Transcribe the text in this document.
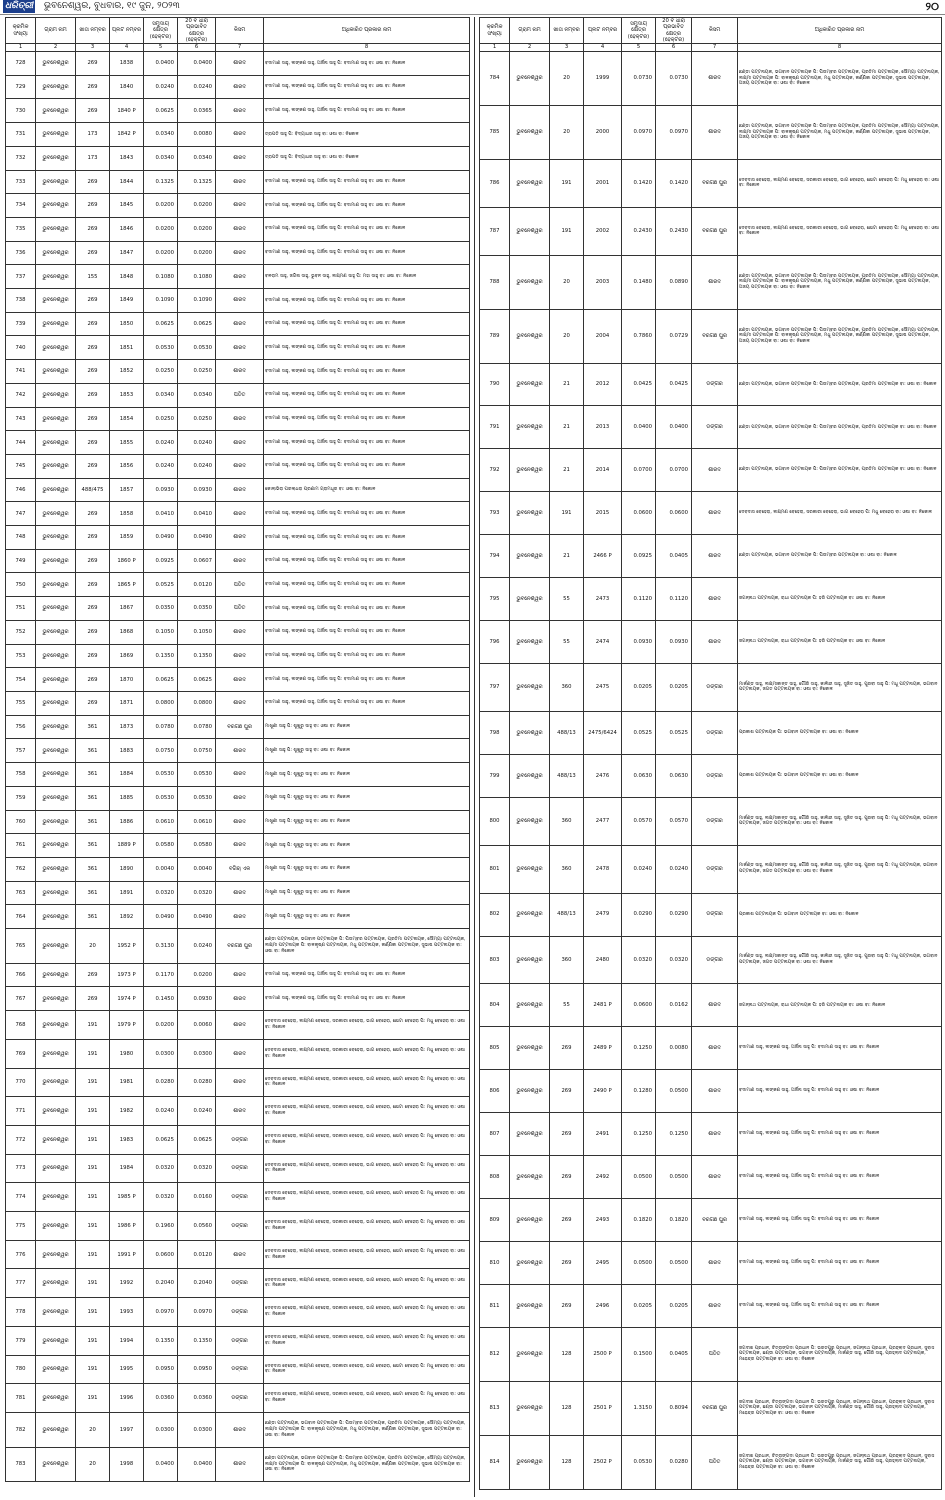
ଧରିତ୍ରୀ ଭୁବନେଶ୍ୱର, ବୁଧବାର, ୧୯ ଜୁନ, ୨୦୨୩	୨୦
କ୍ରମିକ ସଂଖ୍ୟା	ଗ୍ରାମ ନାମ	ଖାତା ନମ୍ବର	ପ୍ଲଟ ନମ୍ବର	ସମୁଦାୟ କ୍ଷେତ୍ର (ହେକ୍ଟର)	20 ବ ଧାରା ପ୍ରଭାବିତ କ୍ଷେତ୍ର (ହେକ୍ଟର)	କିସମ	ଅଧିକାରିତ ପ୍ରକାର ନାମ
1	2	3	4	5	6	7	8
728	ଭୁବନେଶ୍ୱର	269	1838	0.0400	0.0400	ଶାରଦ	ବଦାମାଣ ସାହୁ, ଲଙ୍କଣ ସାହୁ, ଅର୍ଜିନା ସାହୁ ପି: ବଦାମାଣ ସାହୁ ବା: ଓଷା ବା: ନିକୋଳ
729	ଭୁବନେଶ୍ୱର	269	1840	0.0240	0.0240	ଶାରଦ	ବଦାମାଣ ସାହୁ, ଲଙ୍କଣ ସାହୁ, ଅର୍ଜିନା ସାହୁ ପି: ବଦାମାଣ ସାହୁ ବା: ଓଷା ବା: ନିକୋଳ
730	ଭୁବନେଶ୍ୱର	269	1840 P	0.0625	0.0365	ଶାରଦ	ବଦାମାଣ ସାହୁ, ଲଙ୍କଣ ସାହୁ, ଅର୍ଜିନା ସାହୁ ପି: ବଦାମାଣ ସାହୁ ବା: ଓଷା ବା: ନିକୋଳ
731	ଭୁବନେଶ୍ୱର	173	1842 P	0.0340	0.0080	ଶାରଦ	ତ୍ରାପତି ସାହୁ ପି: ବିଦ୍ୟାଧର ସାହୁ ବା: ଓଷା ବା: ନିକୋଳ
732	ଭୁବନେଶ୍ୱର	173	1843	0.0340	0.0340	ଶାରଦ	ତ୍ରାପତି ସାହୁ ପି: ବିଦ୍ୟାଧର ସାହୁ ବା: ଓଷା ବା: ନିକୋଳ
733	ଭୁବନେଶ୍ୱର	269	1844	0.1325	0.1325	ଶାରଦ	ବଦାମାଣ ସାହୁ, ଲଙ୍କଣ ସାହୁ, ଅର୍ଜିନା ସାହୁ ପି: ବଦାମାଣ ସାହୁ ବା: ଓଷା ବା: ନିକୋଳ
734	ଭୁବନେଶ୍ୱର	269	1845	0.0200	0.0200	ଶାରଦ	ବଦାମାଣ ସାହୁ, ଲଙ୍କଣ ସାହୁ, ଅର୍ଜିନା ସାହୁ ପି: ବଦାମାଣ ସାହୁ ବା: ଓଷା ବା: ନିକୋଳ
735	ଭୁବନେଶ୍ୱର	269	1846	0.0200	0.0200	ଶାରଦ	ବଦାମାଣ ସାହୁ, ଲଙ୍କଣ ସାହୁ, ଅର୍ଜିନା ସାହୁ ପି: ବଦାମାଣ ସାହୁ ବା: ଓଷା ବା: ନିକୋଳ
736	ଭୁବନେଶ୍ୱର	269	1847	0.0200	0.0200	ଶାରଦ	ବଦାମାଣ ସାହୁ, ଲଙ୍କଣ ସାହୁ, ଅର୍ଜିନା ସାହୁ ପି: ବଦାମାଣ ସାହୁ ବା: ଓଷା ବା: ନିକୋଳ
737	ଭୁବନେଶ୍ୱର	155	1848	0.1080	0.1080	ଶାରଦ	ବଳରାମ ସାହୁ, ଜଗିନା ସାହୁ, ଭୁବନ ସାହୁ, ଲକ୍ଷ୍ମଣ ସାହୁ ପି: ମହା ସାହୁ ବା: ଓଷା ବା: ନିକୋଳ
738	ଭୁବନେଶ୍ୱର	269	1849	0.1090	0.1090	ଶାରଦ	ବଦାମାଣ ସାହୁ, ଲଙ୍କଣ ସାହୁ, ଅର୍ଜିନା ସାହୁ ପି: ବଦାମାଣ ସାହୁ ବା: ଓଷା ବା: ନିକୋଳ
739	ଭୁବନେଶ୍ୱର	269	1850	0.0625	0.0625	ଶାରଦ	ବଦାମାଣ ସାହୁ, ଲଙ୍କଣ ସାହୁ, ଅର୍ଜିନା ସାହୁ ପି: ବଦାମାଣ ସାହୁ ବା: ଓଷା ବା: ନିକୋଳ
740	ଭୁବନେଶ୍ୱର	269	1851	0.0530	0.0530	ଶାରଦ	ବଦାମାଣ ସାହୁ, ଲଙ୍କଣ ସାହୁ, ଅର୍ଜିନା ସାହୁ ପି: ବଦାମାଣ ସାହୁ ବା: ଓଷା ବା: ନିକୋଳ
741	ଭୁବନେଶ୍ୱର	269	1852	0.0250	0.0250	ଶାରଦ	ବଦାମାଣ ସାହୁ, ଲଙ୍କଣ ସାହୁ, ଅର୍ଜିନା ସାହୁ ପି: ବଦାମାଣ ସାହୁ ବା: ଓଷା ବା: ନିକୋଳ
742	ଭୁବନେଶ୍ୱର	269	1853	0.0340	0.0340	ପତିତ	ବଦାମାଣ ସାହୁ, ଲଙ୍କଣ ସାହୁ, ଅର୍ଜିନା ସାହୁ ପି: ବଦାମାଣ ସାହୁ ବା: ଓଷା ବା: ନିକୋଳ
743	ଭୁବନେଶ୍ୱର	269	1854	0.0250	0.0250	ଶାରଦ	ବଦାମାଣ ସାହୁ, ଲଙ୍କଣ ସାହୁ, ଅର୍ଜିନା ସାହୁ ପି: ବଦାମାଣ ସାହୁ ବା: ଓଷା ବା: ନିକୋଳ
744	ଭୁବନେଶ୍ୱର	269	1855	0.0240	0.0240	ଶାରଦ	ବଦାମାଣ ସାହୁ, ଲଙ୍କଣ ସାହୁ, ଅର୍ଜିନା ସାହୁ ପି: ବଦାମାଣ ସାହୁ ବା: ଓଷା ବା: ନିକୋଳ
745	ଭୁବନେଶ୍ୱର	269	1856	0.0240	0.0240	ଶାରଦ	ବଦାମାଣ ସାହୁ, ଲଙ୍କଣ ସାହୁ, ଅର୍ଜିନା ସାହୁ ପି: ବଦାମାଣ ସାହୁ ବା: ଓଷା ବା: ନିକୋଳ
746	ଭୁବନେଶ୍ୱର	488/475	1857	0.0930	0.0930	ଶାରଦ	କୋଲାଭିରା ପରଲାଧରା ପ୍ରଣାମ ଗ୍ରାମଧୂର ବା: ଓଷା ବା: ନିକୋଳ
747	ଭୁବନେଶ୍ୱର	269	1858	0.0410	0.0410	ଶାରଦ	ବଦାମାଣ ସାହୁ, ଲଙ୍କଣ ସାହୁ, ଅର୍ଜିନା ସାହୁ ପି: ବଦାମାଣ ସାହୁ ବା: ଓଷା ବା: ନିକୋଳ
748	ଭୁବନେଶ୍ୱର	269	1859	0.0490	0.0490	ଶାରଦ	ବଦାମାଣ ସାହୁ, ଲଙ୍କଣ ସାହୁ, ଅର୍ଜିନା ସାହୁ ପି: ବଦାମାଣ ସାହୁ ବା: ଓଷା ବା: ନିକୋଳ
749	ଭୁବନେଶ୍ୱର	269	1860 P	0.0925	0.0607	ଶାରଦ	ବଦାମାଣ ସାହୁ, ଲଙ୍କଣ ସାହୁ, ଅର୍ଜିନା ସାହୁ ପି: ବଦାମାଣ ସାହୁ ବା: ଓଷା ବା: ନିକୋଳ
750	ଭୁବନେଶ୍ୱର	269	1865 P	0.0525	0.0120	ପତିତ	ବଦାମାଣ ସାହୁ, ଲଙ୍କଣ ସାହୁ, ଅର୍ଜିନା ସାହୁ ପି: ବଦାମାଣ ସାହୁ ବା: ଓଷା ବା: ନିକୋଳ
751	ଭୁବନେଶ୍ୱର	269	1867	0.0350	0.0350	ପତିତ	ବଦାମାଣ ସାହୁ, ଲଙ୍କଣ ସାହୁ, ଅର୍ଜିନା ସାହୁ ପି: ବଦାମାଣ ସାହୁ ବା: ଓଷା ବା: ନିକୋଳ
752	ଭୁବନେଶ୍ୱର	269	1868	0.1050	0.1050	ଶାରଦ	ବଦାମାଣ ସାହୁ, ଲଙ୍କଣ ସାହୁ, ଅର୍ଜିନା ସାହୁ ପି: ବଦାମାଣ ସାହୁ ବା: ଓଷା ବା: ନିକୋଳ
753	ଭୁବନେଶ୍ୱର	269	1869	0.1350	0.1350	ଶାରଦ	ବଦାମାଣ ସାହୁ, ଲଙ୍କଣ ସାହୁ, ଅର୍ଜିନା ସାହୁ ପି: ବଦାମାଣ ସାହୁ ବା: ଓଷା ବା: ନିକୋଳ
754	ଭୁବନେଶ୍ୱର	269	1870	0.0625	0.0625	ଶାରଦ	ବଦାମାଣ ସାହୁ, ଲଙ୍କଣ ସାହୁ, ଅର୍ଜିନା ସାହୁ ପି: ବଦାମାଣ ସାହୁ ବା: ଓଷା ବା: ନିକୋଳ
755	ଭୁବନେଶ୍ୱର	269	1871	0.0800	0.0800	ଶାରଦ	ବଦାମାଣ ସାହୁ, ଲଙ୍କଣ ସାହୁ, ଅର୍ଜିନା ସାହୁ ପି: ବଦାମାଣ ସାହୁ ବା: ଓଷା ବା: ନିକୋଳ
756	ଭୁବନେଶ୍ୱର	361	1873	0.0780	0.0780	ବରଗଛ ଘୁର	ମାଖୁଣୀ ସାହୁ ପି: ଶୁଖୁରୁ ସାହୁ ବା: ଓଷା ବା: ନିକୋଳ
757	ଭୁବନେଶ୍ୱର	361	1883	0.0750	0.0750	ଶାରଦ	ମାଖୁଣୀ ସାହୁ ପି: ଶୁଖୁରୁ ସାହୁ ବା: ଓଷା ବା: ନିକୋଳ
758	ଭୁବନେଶ୍ୱର	361	1884	0.0530	0.0530	ଶାରଦ	ମାଖୁଣୀ ସାହୁ ପି: ଶୁଖୁରୁ ସାହୁ ବା: ଓଷା ବା: ନିକୋଳ
759	ଭୁବନେଶ୍ୱର	361	1885	0.0530	0.0530	ଶାରଦ	ମାଖୁଣୀ ସାହୁ ପି: ଶୁଖୁରୁ ସାହୁ ବା: ଓଷା ବା: ନିକୋଳ
760	ଭୁବନେଶ୍ୱର	361	1886	0.0610	0.0610	ଶାରଦ	ମାଖୁଣୀ ସାହୁ ପି: ଶୁଖୁରୁ ସାହୁ ବା: ଓଷା ବା: ନିକୋଳ
761	ଭୁବନେଶ୍ୱର	361	1889 P	0.0580	0.0580	ଶାରଦ	ମାଖୁଣୀ ସାହୁ ପି: ଶୁଖୁରୁ ସାହୁ ବା: ଓଷା ବା: ନିକୋଳ
762	ଭୁବନେଶ୍ୱର	361	1890	0.0040	0.0040	ବଗିଚା ଏକ	ମାଖୁଣୀ ସାହୁ ପି: ଶୁଖୁରୁ ସାହୁ ବା: ଓଷା ବା: ନିକୋଳ
763	ଭୁବନେଶ୍ୱର	361	1891	0.0320	0.0320	ଶାରଦ	ମାଖୁଣୀ ସାହୁ ପି: ଶୁଖୁରୁ ସାହୁ ବା: ଓଷା ବା: ନିକୋଳ
764	ଭୁବନେଶ୍ୱର	361	1892	0.0490	0.0490	ଶାରଦ	ମାଖୁଣୀ ସାହୁ ପି: ଶୁଖୁରୁ ସାହୁ ବା: ଓଷା ବା: ନିକୋଳ
765	ଭୁବନେଶ୍ୱର	20	1952 P	0.3130	0.0240	ବରଗଛ ଘୁର	ଛଣ୍ଡା ପଟ୍ଟନାୟକ, ଭଗବାନ ପଟ୍ଟନାୟକ ପି: ପିତାମ୍ବର ପଟ୍ଟନାୟକ, ପ୍ରତିମା ପଟ୍ଟନାୟକ, ସୌମ୍ୟା ପଟ୍ଟନାୟକ, ଲକ୍ଷ୍ମୀ ପଟ୍ଟନାୟକ ପି: ବାଳକୃଷ୍ଣ ପଟ୍ଟନାୟକ, ମଧୁ ପଟ୍ଟନାୟକ, କର୍ଣ୍ଣିକା ପଟ୍ଟନାୟକ, ସୁଭାଷ ପଟ୍ଟନାୟକ ବା: ଓଷା ବା: ନିକୋଳ
766	ଭୁବନେଶ୍ୱର	269	1973 P	0.1170	0.0200	ଶାରଦ	ବଦାମାଣ ସାହୁ, ଲଙ୍କଣ ସାହୁ, ଅର୍ଜିନା ସାହୁ ପି: ବଦାମାଣ ସାହୁ ବା: ଓଷା ବା: ନିକୋଳ
767	ଭୁବନେଶ୍ୱର	269	1974 P	0.1450	0.0930	ଶାରଦ	ବଦାମାଣ ସାହୁ, ଲଙ୍କଣ ସାହୁ, ଅର୍ଜିନା ସାହୁ ପି: ବଦାମାଣ ସାହୁ ବା: ଓଷା ବା: ନିକୋଳ
768	ଭୁବନେଶ୍ୱର	191	1979 P	0.0200	0.0060	ଶାରଦ	ଦେବଦାସ ବେହେରା, ଲକ୍ଷ୍ମଣ ବେହେରା, ସରକାରୀ ବେହେରା, ଭାଗ ବେହେରା, ଛୋଟା ବେହେରା ପି: ମଧୁ ବେହେରା ବା: ଓଷା ବା: ନିକୋଳ
769	ଭୁବନେଶ୍ୱର	191	1980	0.0300	0.0300	ଶାରଦ	ଦେବଦାସ ବେହେରା, ଲକ୍ଷ୍ମଣ ବେହେରା, ସରକାରୀ ବେହେରା, ଭାଗ ବେହେରା, ଛୋଟା ବେହେରା ପି: ମଧୁ ବେହେରା ବା: ଓଷା ବା: ନିକୋଳ
770	ଭୁବନେଶ୍ୱର	191	1981	0.0280	0.0280	ଶାରଦ	ଦେବଦାସ ବେହେରା, ଲକ୍ଷ୍ମଣ ବେହେରା, ସରକାରୀ ବେହେରା, ଭାଗ ବେହେରା, ଛୋଟା ବେହେରା ପି: ମଧୁ ବେହେରା ବା: ଓଷା ବା: ନିକୋଳ
771	ଭୁବନେଶ୍ୱର	191	1982	0.0240	0.0240	ଶାରଦ	ଦେବଦାସ ବେହେରା, ଲକ୍ଷ୍ମଣ ବେହେରା, ସରକାରୀ ବେହେରା, ଭାଗ ବେହେରା, ଛୋଟା ବେହେରା ପି: ମଧୁ ବେହେରା ବା: ଓଷା ବା: ନିକୋଳ
772	ଭୁବନେଶ୍ୱର	191	1983	0.0625	0.0625	ଡଙ୍ଗର	ଦେବଦାସ ବେହେରା, ଲକ୍ଷ୍ମଣ ବେହେରା, ସରକାରୀ ବେହେରା, ଭାଗ ବେହେରା, ଛୋଟା ବେହେରା ପି: ମଧୁ ବେହେରା ବା: ଓଷା ବା: ନିକୋଳ
773	ଭୁବନେଶ୍ୱର	191	1984	0.0320	0.0320	ଡଙ୍ଗର	ଦେବଦାସ ବେହେରା, ଲକ୍ଷ୍ମଣ ବେହେରା, ସରକାରୀ ବେହେରା, ଭାଗ ବେହେରା, ଛୋଟା ବେହେରା ପି: ମଧୁ ବେହେରା ବା: ଓଷା ବା: ନିକୋଳ
774	ଭୁବନେଶ୍ୱର	191	1985 P	0.0320	0.0160	ଡଙ୍ଗର	ଦେବଦାସ ବେହେରା, ଲକ୍ଷ୍ମଣ ବେହେରା, ସରକାରୀ ବେହେରା, ଭାଗ ବେହେରା, ଛୋଟା ବେହେରା ପି: ମଧୁ ବେହେରା ବା: ଓଷା ବା: ନିକୋଳ
775	ଭୁବନେଶ୍ୱର	191	1986 P	0.1960	0.0560	ଡଙ୍ଗର	ଦେବଦାସ ବେହେରା, ଲକ୍ଷ୍ମଣ ବେହେରା, ସରକାରୀ ବେହେରା, ଭାଗ ବେହେରା, ଛୋଟା ବେହେରା ପି: ମଧୁ ବେହେରା ବା: ଓଷା ବା: ନିକୋଳ
776	ଭୁବନେଶ୍ୱର	191	1991 P	0.0600	0.0120	ଶାରଦ	ଦେବଦାସ ବେହେରା, ଲକ୍ଷ୍ମଣ ବେହେରା, ସରକାରୀ ବେହେରା, ଭାଗ ବେହେରା, ଛୋଟା ବେହେରା ପି: ମଧୁ ବେହେରା ବା: ଓଷା ବା: ନିକୋଳ
777	ଭୁବନେଶ୍ୱର	191	1992	0.2040	0.2040	ଡଙ୍ଗର	ଦେବଦାସ ବେହେରା, ଲକ୍ଷ୍ମଣ ବେହେରା, ସରକାରୀ ବେହେରା, ଭାଗ ବେହେରା, ଛୋଟା ବେହେରା ପି: ମଧୁ ବେହେରା ବା: ଓଷା ବା: ନିକୋଳ
778	ଭୁବନେଶ୍ୱର	191	1993	0.0970	0.0970	ଡଙ୍ଗର	ଦେବଦାସ ବେହେରା, ଲକ୍ଷ୍ମଣ ବେହେରା, ସରକାରୀ ବେହେରା, ଭାଗ ବେହେରା, ଛୋଟା ବେହେରା ପି: ମଧୁ ବେହେରା ବା: ଓଷା ବା: ନିକୋଳ
779	ଭୁବନେଶ୍ୱର	191	1994	0.1350	0.1350	ଡଙ୍ଗର	ଦେବଦାସ ବେହେରା, ଲକ୍ଷ୍ମଣ ବେହେରା, ସରକାରୀ ବେହେରା, ଭାଗ ବେହେରା, ଛୋଟା ବେହେରା ପି: ମଧୁ ବେହେରା ବା: ଓଷା ବା: ନିକୋଳ
780	ଭୁବନେଶ୍ୱର	191	1995	0.0950	0.0950	ଡଙ୍ଗର	ଦେବଦାସ ବେହେରା, ଲକ୍ଷ୍ମଣ ବେହେରା, ସରକାରୀ ବେହେରା, ଭାଗ ବେହେରା, ଛୋଟା ବେହେରା ପି: ମଧୁ ବେହେରା ବା: ଓଷା ବା: ନିକୋଳ
781	ଭୁବନେଶ୍ୱର	191	1996	0.0360	0.0360	ଡଙ୍ଗର	ଦେବଦାସ ବେହେରା, ଲକ୍ଷ୍ମଣ ବେହେରା, ସରକାରୀ ବେହେରା, ଭାଗ ବେହେରା, ଛୋଟା ବେହେରା ପି: ମଧୁ ବେହେରା ବା: ଓଷା ବା: ନିକୋଳ
782	ଭୁବନେଶ୍ୱର	20	1997	0.0300	0.0300	ଶାରଦ	ଛଣ୍ଡା ପଟ୍ଟନାୟକ, ଭଗବାନ ପଟ୍ଟନାୟକ ପି: ପିତାମ୍ବର ପଟ୍ଟନାୟକ, ପ୍ରତିମା ପଟ୍ଟନାୟକ, ସୌମ୍ୟା ପଟ୍ଟନାୟକ, ଲକ୍ଷ୍ମୀ ପଟ୍ଟନାୟକ ପି: ବାଳକୃଷ୍ଣ ପଟ୍ଟନାୟକ, ମଧୁ ପଟ୍ଟନାୟକ, କର୍ଣ୍ଣିକା ପଟ୍ଟନାୟକ, ସୁଭାଷ ପଟ୍ଟନାୟକ ବା: ଓଷା ବା: ନିକୋଳ
783	ଭୁବନେଶ୍ୱର	20	1998	0.0400	0.0400	ଶାରଦ	ଛଣ୍ଡା ପଟ୍ଟନାୟକ, ଭଗବାନ ପଟ୍ଟନାୟକ ପି: ପିତାମ୍ବର ପଟ୍ଟନାୟକ, ପ୍ରତିମା ପଟ୍ଟନାୟକ, ସୌମ୍ୟା ପଟ୍ଟନାୟକ, ଲକ୍ଷ୍ମୀ ପଟ୍ଟନାୟକ ପି: ବାଳକୃଷ୍ଣ ପଟ୍ଟନାୟକ, ମଧୁ ପଟ୍ଟନାୟକ, କର୍ଣ୍ଣିକା ପଟ୍ଟନାୟକ, ସୁଭାଷ ପଟ୍ଟନାୟକ ବା: ଓଷା ବା: ନିକୋଳ
କ୍ରମିକ ସଂଖ୍ୟା	ଗ୍ରାମ ନାମ	ଖାତା ନମ୍ବର	ପ୍ଲଟ ନମ୍ବର	ସମୁଦାୟ କ୍ଷେତ୍ର (ହେକ୍ଟର)	20 ବ ଧାରା ପ୍ରଭାବିତ କ୍ଷେତ୍ର (ହେକ୍ଟର)	କିସମ	ଅଧିକାରିତ ପ୍ରକାର ନାମ
1	2	3	4	5	6	7	8
784	ଭୁବନେଶ୍ୱର	20	1999	0.0730	0.0730	ଶାରଦ	ଛଣ୍ଡା ପଟ୍ଟନାୟକ, ଭଗବାନ ପଟ୍ଟନାୟକ ପି: ପିତାମ୍ବର ପଟ୍ଟନାୟକ, ପ୍ରତିମା ପଟ୍ଟନାୟକ, ସୌମ୍ୟା ପଟ୍ଟନାୟକ, ଲକ୍ଷ୍ମୀ ପଟ୍ଟନାୟକ ପି: ବାଳକୃଷ୍ଣ ପଟ୍ଟନାୟକ, ମଧୁ ପଟ୍ଟନାୟକ, କର୍ଣ୍ଣିକା ପଟ୍ଟନାୟକ, ସୁଭାଷ ପଟ୍ଟନାୟକ, ଅଜୟ ପଟ୍ଟନାୟକ ବା: ଓଷା ବା: ନିକୋଳ
785	ଭୁବନେଶ୍ୱର	20	2000	0.0970	0.0970	ଶାରଦ	ଛଣ୍ଡା ପଟ୍ଟନାୟକ, ଭଗବାନ ପଟ୍ଟନାୟକ ପି: ପିତାମ୍ବର ପଟ୍ଟନାୟକ, ପ୍ରତିମା ପଟ୍ଟନାୟକ, ସୌମ୍ୟା ପଟ୍ଟନାୟକ, ଲକ୍ଷ୍ମୀ ପଟ୍ଟନାୟକ ପି: ବାଳକୃଷ୍ଣ ପଟ୍ଟନାୟକ, ମଧୁ ପଟ୍ଟନାୟକ, କର୍ଣ୍ଣିକା ପଟ୍ଟନାୟକ, ସୁଭାଷ ପଟ୍ଟନାୟକ, ଅଜୟ ପଟ୍ଟନାୟକ ବା: ଓଷା ବା: ନିକୋଳ
786	ଭୁବନେଶ୍ୱର	191	2001	0.1420	0.1420	ବରଗଛ ଘୁର	ଦେବଦାସ ବେହେରା, ଲକ୍ଷ୍ମଣ ବେହେରା, ସରକାରୀ ବେହେରା, ଭାଗ ବେହେରା, ଛୋଟା ବେହେରା ପି: ମଧୁ ବେହେରା ବା: ଓଷା ବା: ନିକୋଳ
787	ଭୁବନେଶ୍ୱର	191	2002	0.2430	0.2430	ବରଗଛ ଘୁର	ଦେବଦାସ ବେହେରା, ଲକ୍ଷ୍ମଣ ବେହେରା, ସରକାରୀ ବେହେରା, ଭାଗ ବେହେରା, ଛୋଟା ବେହେରା ପି: ମଧୁ ବେହେରା ବା: ଓଷା ବା: ନିକୋଳ
788	ଭୁବନେଶ୍ୱର	20	2003	0.1480	0.0890	ଶାରଦ	ଛଣ୍ଡା ପଟ୍ଟନାୟକ, ଭଗବାନ ପଟ୍ଟନାୟକ ପି: ପିତାମ୍ବର ପଟ୍ଟନାୟକ, ପ୍ରତିମା ପଟ୍ଟନାୟକ, ସୌମ୍ୟା ପଟ୍ଟନାୟକ, ଲକ୍ଷ୍ମୀ ପଟ୍ଟନାୟକ ପି: ବାଳକୃଷ୍ଣ ପଟ୍ଟନାୟକ, ମଧୁ ପଟ୍ଟନାୟକ, କର୍ଣ୍ଣିକା ପଟ୍ଟନାୟକ, ସୁଭାଷ ପଟ୍ଟନାୟକ, ଅଜୟ ପଟ୍ଟନାୟକ ବା: ଓଷା ବା: ନିକୋଳ
789	ଭୁବନେଶ୍ୱର	20	2004	0.7860	0.0729	ବରଗଛ ଘୁର	ଛଣ୍ଡା ପଟ୍ଟନାୟକ, ଭଗବାନ ପଟ୍ଟନାୟକ ପି: ପିତାମ୍ବର ପଟ୍ଟନାୟକ, ପ୍ରତିମା ପଟ୍ଟନାୟକ, ସୌମ୍ୟା ପଟ୍ଟନାୟକ, ଲକ୍ଷ୍ମୀ ପଟ୍ଟନାୟକ ପି: ବାଳକୃଷ୍ଣ ପଟ୍ଟନାୟକ, ମଧୁ ପଟ୍ଟନାୟକ, କର୍ଣ୍ଣିକା ପଟ୍ଟନାୟକ, ସୁଭାଷ ପଟ୍ଟନାୟକ, ଅଜୟ ପଟ୍ଟନାୟକ ବା: ଓଷା ବା: ନିକୋଳ
790	ଭୁବନେଶ୍ୱର	21	2012	0.0425	0.0425	ଡଙ୍ଗର	ଛଣ୍ଡା ପଟ୍ଟନାୟକ, ଭଗବାନ ପଟ୍ଟନାୟକ ପି: ପିତାମ୍ବର ପଟ୍ଟନାୟକ, ପ୍ରତିମା ପଟ୍ଟନାୟକ ବା: ଓଷା ବା: ନିକୋଳ
791	ଭୁବନେଶ୍ୱର	21	2013	0.0400	0.0400	ଡଙ୍ଗର	ଛଣ୍ଡା ପଟ୍ଟନାୟକ, ଭଗବାନ ପଟ୍ଟନାୟକ ପି: ପିତାମ୍ବର ପଟ୍ଟନାୟକ, ପ୍ରତିମା ପଟ୍ଟନାୟକ ବା: ଓଷା ବା: ନିକୋଳ
792	ଭୁବନେଶ୍ୱର	21	2014	0.0700	0.0700	ଶାରଦ	ଛଣ୍ଡା ପଟ୍ଟନାୟକ, ଭଗବାନ ପଟ୍ଟନାୟକ ପି: ପିତାମ୍ବର ପଟ୍ଟନାୟକ, ପ୍ରତିମା ପଟ୍ଟନାୟକ ବା: ଓଷା ବା: ନିକୋଳ
793	ଭୁବନେଶ୍ୱର	191	2015	0.0600	0.0600	ଶାରଦ	ଦେବଦାସ ବେହେରା, ଲକ୍ଷ୍ମଣ ବେହେରା, ସରକାରୀ ବେହେରା, ଭାଗ ବେହେରା ପି: ମଧୁ ବେହେରା ବା: ଓଷା ବା: ନିକୋଳ
794	ଭୁବନେଶ୍ୱର	21	2466 P	0.0925	0.0405	ଶାରଦ	ଛଣ୍ଡା ପଟ୍ଟନାୟକ, ଭଗବାନ ପଟ୍ଟନାୟକ ପି: ପିତାମ୍ବର ପଟ୍ଟନାୟକ ବା: ଓଷା ବା: ନିକୋଳ
795	ଭୁବନେଶ୍ୱର	55	2473	0.1120	0.1120	ଶାରଦ	ଜଗନ୍ନାଥ ପଟ୍ଟନାୟକ, ରାଧା ପଟ୍ଟନାୟକ ପି: ହରି ପଟ୍ଟନାୟକ ବା: ଓଷା ବା: ନିକୋଳ
796	ଭୁବନେଶ୍ୱର	55	2474	0.0930	0.0930	ଶାରଦ	ଜଗନ୍ନାଥ ପଟ୍ଟନାୟକ, ରାଧା ପଟ୍ଟନାୟକ ପି: ହରି ପଟ୍ଟନାୟକ ବା: ଓଷା ବା: ନିକୋଳ
797	ଭୁବନେଶ୍ୱର	360	2475	0.0205	0.0205	ଡଙ୍ଗର	ମାର୍କଣ୍ଡ ସାହୁ, ଲକ୍ଷ୍ମୀକାନ୍ତ ସାହୁ, ଗୌରି ସାହୁ, କାଳିନ୍ଦୀ ସାହୁ, ସୁଜିତ ସାହୁ, ପୁରବୀ ସାହୁ ପି: ମଧୁ ପଟ୍ଟନାୟକ, ଭଗବାନ ପଟ୍ଟନାୟକ, ଜଗତ ପଟ୍ଟନାୟକ ବା: ଓଷା ବା: ନିକୋଳ
798	ଭୁବନେଶ୍ୱର	488/13	2475/6424	0.0525	0.0525	ଡଙ୍ଗର	ପ୍ରକାଶ ପଟ୍ଟନାୟକ ପି: ଭଗବାନ ପଟ୍ଟନାୟକ ବା: ଓଷା ବା: ନିକୋଳ
799	ଭୁବନେଶ୍ୱର	488/13	2476	0.0630	0.0630	ଡଙ୍ଗର	ପ୍ରକାଶ ପଟ୍ଟନାୟକ ପି: ଭଗବାନ ପଟ୍ଟନାୟକ ବା: ଓଷା ବା: ନିକୋଳ
800	ଭୁବନେଶ୍ୱର	360	2477	0.0570	0.0570	ଡଙ୍ଗର	ମାର୍କଣ୍ଡ ସାହୁ, ଲକ୍ଷ୍ମୀକାନ୍ତ ସାହୁ, ଗୌରି ସାହୁ, କାଳିନ୍ଦୀ ସାହୁ, ସୁଜିତ ସାହୁ, ପୁରବୀ ସାହୁ ପି: ମଧୁ ପଟ୍ଟନାୟକ, ଭଗବାନ ପଟ୍ଟନାୟକ, ଜଗତ ପଟ୍ଟନାୟକ ବା: ଓଷା ବା: ନିକୋଳ
801	ଭୁବନେଶ୍ୱର	360	2478	0.0240	0.0240	ଡଙ୍ଗର	ମାର୍କଣ୍ଡ ସାହୁ, ଲକ୍ଷ୍ମୀକାନ୍ତ ସାହୁ, ଗୌରି ସାହୁ, କାଳିନ୍ଦୀ ସାହୁ, ସୁଜିତ ସାହୁ, ପୁରବୀ ସାହୁ ପି: ମଧୁ ପଟ୍ଟନାୟକ, ଭଗବାନ ପଟ୍ଟନାୟକ, ଜଗତ ପଟ୍ଟନାୟକ ବା: ଓଷା ବା: ନିକୋଳ
802	ଭୁବନେଶ୍ୱର	488/13	2479	0.0290	0.0290	ଡଙ୍ଗର	ପ୍ରକାଶ ପଟ୍ଟନାୟକ ପି: ଭଗବାନ ପଟ୍ଟନାୟକ ବା: ଓଷା ବା: ନିକୋଳ
803	ଭୁବନେଶ୍ୱର	360	2480	0.0320	0.0320	ଡଙ୍ଗର	ମାର୍କଣ୍ଡ ସାହୁ, ଲକ୍ଷ୍ମୀକାନ୍ତ ସାହୁ, ଗୌରି ସାହୁ, କାଳିନ୍ଦୀ ସାହୁ, ସୁଜିତ ସାହୁ, ପୁରବୀ ସାହୁ ପି: ମଧୁ ପଟ୍ଟନାୟକ, ଭଗବାନ ପଟ୍ଟନାୟକ, ଜଗତ ପଟ୍ଟନାୟକ ବା: ଓଷା ବା: ନିକୋଳ
804	ଭୁବନେଶ୍ୱର	55	2481 P	0.0600	0.0162	ଶାରଦ	ଜଗନ୍ନାଥ ପଟ୍ଟନାୟକ, ରାଧା ପଟ୍ଟନାୟକ ପି: ହରି ପଟ୍ଟନାୟକ ବା: ଓଷା ବା: ନିକୋଳ
805	ଭୁବନେଶ୍ୱର	269	2489 P	0.1250	0.0080	ଶାରଦ	ବଦାମାଣ ସାହୁ, ଲଙ୍କଣ ସାହୁ, ଅର୍ଜିନା ସାହୁ ପି: ବଦାମାଣ ସାହୁ ବା: ଓଷା ବା: ନିକୋଳ
806	ଭୁବନେଶ୍ୱର	269	2490 P	0.1280	0.0500	ଶାରଦ	ବଦାମାଣ ସାହୁ, ଲଙ୍କଣ ସାହୁ, ଅର୍ଜିନା ସାହୁ ପି: ବଦାମାଣ ସାହୁ ବା: ଓଷା ବା: ନିକୋଳ
807	ଭୁବନେଶ୍ୱର	269	2491	0.1250	0.1250	ଶାରଦ	ବଦାମାଣ ସାହୁ, ଲଙ୍କଣ ସାହୁ, ଅର୍ଜିନା ସାହୁ ପି: ବଦାମାଣ ସାହୁ ବା: ଓଷା ବା: ନିକୋଳ
808	ଭୁବନେଶ୍ୱର	269	2492	0.0500	0.0500	ଶାରଦ	ବଦାମାଣ ସାହୁ, ଲଙ୍କଣ ସାହୁ, ଅର୍ଜିନା ସାହୁ ପି: ବଦାମାଣ ସାହୁ ବା: ଓଷା ବା: ନିକୋଳ
809	ଭୁବନେଶ୍ୱର	269	2493	0.1820	0.1820	ବରଗଛ ଘୁର	ବଦାମାଣ ସାହୁ, ଲଙ୍କଣ ସାହୁ, ଅର୍ଜିନା ସାହୁ ପି: ବଦାମାଣ ସାହୁ ବା: ଓଷା ବା: ନିକୋଳ
810	ଭୁବନେଶ୍ୱର	269	2495	0.0500	0.0500	ଶାରଦ	ବଦାମାଣ ସାହୁ, ଲଙ୍କଣ ସାହୁ, ଅର୍ଜିନା ସାହୁ ପି: ବଦାମାଣ ସାହୁ ବା: ଓଷା ବା: ନିକୋଳ
811	ଭୁବନେଶ୍ୱର	269	2496	0.0205	0.0205	ଶାରଦ	ବଦାମାଣ ସାହୁ, ଲଙ୍କଣ ସାହୁ, ଅର୍ଜିନା ସାହୁ ପି: ବଦାମାଣ ସାହୁ ବା: ଓଷା ବା: ନିକୋଳ
812	ଭୁବନେଶ୍ୱର	128	2500 P	0.1500	0.0405	ପତିତ	ଜଗଦୀଶ ପ୍ରଧାନ, ଚିତ୍ରାଙ୍ଗଦା ପ୍ରଧାନ ପି: ଭରତପୁରୁ ପ୍ରଧାନ, ଜଗନ୍ନାଥ ପ୍ରଧାନ, ପ୍ରହ୍ଲାଦ ପ୍ରଧାନ, ସୁବାସ ପଟ୍ଟନାୟକ, ଛଣ୍ଡା ପଟ୍ଟନାୟକ, ଭଗବାନ ପଟ୍ଟନାୟକ, ମାର୍କଣ୍ଡ ସାହୁ, ଗୌରି ସାହୁ, ପ୍ରହ୍ଲାଦ ପଟ୍ଟନାୟକ, ମହେନ୍ଦ୍ର ପଟ୍ଟନାୟକ ବା: ଓଷା ବା: ନିକୋଳ
813	ଭୁବନେଶ୍ୱର	128	2501 P	1.3150	0.8094	ବରଗଛ ଘୁର	ଜଗଦୀଶ ପ୍ରଧାନ, ଚିତ୍ରାଙ୍ଗଦା ପ୍ରଧାନ ପି: ଭରତପୁରୁ ପ୍ରଧାନ, ଜଗନ୍ନାଥ ପ୍ରଧାନ, ପ୍ରହ୍ଲାଦ ପ୍ରଧାନ, ସୁବାସ ପଟ୍ଟନାୟକ, ଛଣ୍ଡା ପଟ୍ଟନାୟକ, ଭଗବାନ ପଟ୍ଟନାୟକ, ମାର୍କଣ୍ଡ ସାହୁ, ଗୌରି ସାହୁ, ପ୍ରହ୍ଲାଦ ପଟ୍ଟନାୟକ, ମହେନ୍ଦ୍ର ପଟ୍ଟନାୟକ ବା: ଓଷା ବା: ନିକୋଳ
814	ଭୁବନେଶ୍ୱର	128	2502 P	0.0530	0.0280	ପତିତ	ଜଗଦୀଶ ପ୍ରଧାନ, ଚିତ୍ରାଙ୍ଗଦା ପ୍ରଧାନ ପି: ଭରତପୁରୁ ପ୍ରଧାନ, ଜଗନ୍ନାଥ ପ୍ରଧାନ, ପ୍ରହ୍ଲାଦ ପ୍ରଧାନ, ସୁବାସ ପଟ୍ଟନାୟକ, ଛଣ୍ଡା ପଟ୍ଟନାୟକ, ଭଗବାନ ପଟ୍ଟନାୟକ, ମାର୍କଣ୍ଡ ସାହୁ, ଗୌରି ସାହୁ, ପ୍ରହ୍ଲାଦ ପଟ୍ଟନାୟକ, ମହେନ୍ଦ୍ର ପଟ୍ଟନାୟକ ବା: ଓଷା ବା: ନିକୋଳ
